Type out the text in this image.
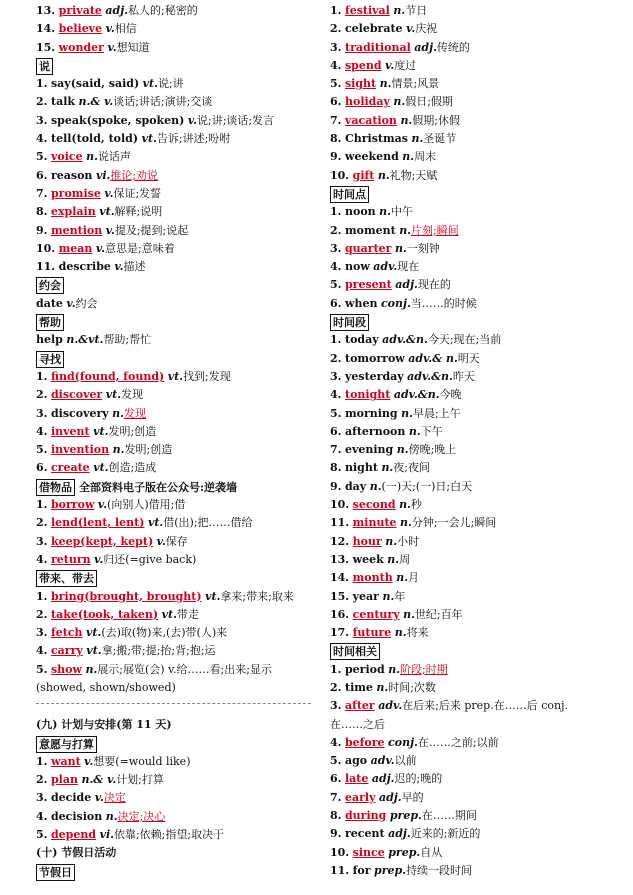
13. private adj.私人的;秘密的
14. believe v.相信
15. wonder v.想知道
说
1. say(said, said) vt.说;讲
2. talk n.& v.谈话;讲话;演讲;交谈
3. speak(spoke, spoken) v.说;讲;谈话;发言
4. tell(told, told) vt.告诉;讲述;吩咐
5. voice n.说话声
6. reason vi.推论;劝说
7. promise v.保证;发誓
8. explain vt.解释;说明
9. mention v.提及;提到;说起
10. mean v.意思是;意味着
11. describe v.描述
约会
date v.约会
帮助
help n.&vt.帮助;帮忙
寻找
1. find(found, found) vt.找到;发现
2. discover vt.发现
3. discovery n.发现
4. invent vt.发明;创造
5. invention n.发明;创造
6. create vt.创造;造成
借物品 全部资料电子版在公众号:逆袭墙
1. borrow v.(向别人)借用;借
2. lend(lent, lent) vt.借(出);把……借给
3. keep(kept, kept) v.保存
4. return v.归还(=give back)
带来、带去
1. bring(brought, brought) vt.拿来;带来;取来
2. take(took, taken) vt.带走
3. fetch vt.(去)取(物)来,(去)带(人)来
4. carry vt.拿;搬;带;提;抬;背;抱;运
5. show n.展示;展览(会) v.给……看;出来;显示
(showed, shown/showed)
(九) 计划与安排(第 11 天)
意愿与打算
1. want v.想要(=would like)
2. plan n.& v.计划;打算
3. decide v.决定
4. decision n.决定;决心
5. depend vi.依靠;依赖;指望;取决于
(十) 节假日活动
节假日
1. festival n.节日
2. celebrate v.庆祝
3. traditional adj.传统的
4. spend v.度过
5. sight n.情景;风景
6. holiday n.假日;假期
7. vacation n.假期;休假
8. Christmas n.圣诞节
9. weekend n.周末
10. gift n.礼物;天赋
时间点
1. noon n.中午
2. moment n.片刻;瞬间
3. quarter n.一刻钟
4. now adv.现在
5. present adj.现在的
6. when conj.当……的时候
时间段
1. today adv.&n.今天;现在;当前
2. tomorrow adv.& n.明天
3. yesterday adv.&n.昨天
4. tonight adv.&n.今晚
5. morning n.早晨;上午
6. afternoon n.下午
7. evening n.傍晚;晚上
8. night n.夜;夜间
9. day n.(一)天;(一)日;白天
10. second n.秒
11. minute n.分钟;一会儿;瞬间
12. hour n.小时
13. week n.周
14. month n.月
15. year n.年
16. century n.世纪;百年
17. future n.将来
时间相关
1. period n.阶段;时期
2. time n.时间;次数
3. after adv.在后来;后来 prep.在……后 conj.
在……之后
4. before conj.在……之前;以前
5. ago adv.以前
6. late adj.迟的;晚的
7. early adj.早的
8. during prep.在……期间
9. recent adj.近来的;新近的
10. since prep.自从
11. for prep.持续一段时间
